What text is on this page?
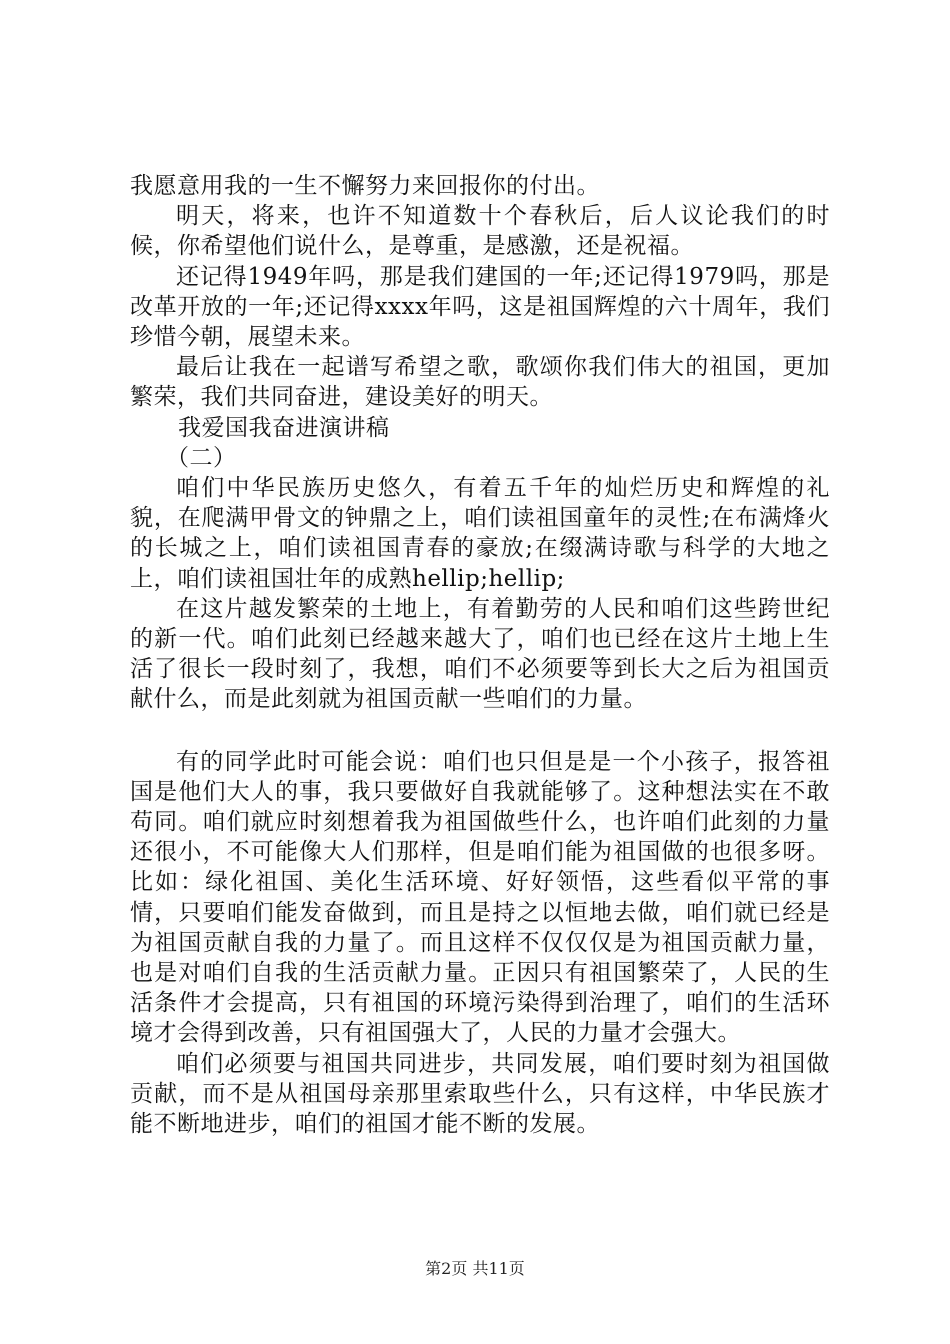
我愿意用我的一生不懈努力来回报你的付出。

明天，将来，也许不知道数十个春秋后，后人议论我们的时候，你希望他们说什么，是尊重，是感激，还是祝福。

还记得1949年吗，那是我们建国的一年;还记得1979吗，那是改革开放的一年;还记得xxxx年吗，这是祖国辉煌的六十周年，我们珍惜今朝，展望未来。

最后让我在一起谱写希望之歌，歌颂你我们伟大的祖国，更加繁荣，我们共同奋进，建设美好的明天。

我爱国我奋进演讲稿

（二）

咱们中华民族历史悠久，有着五千年的灿烂历史和辉煌的礼貌，在爬满甲骨文的钟鼎之上，咱们读祖国童年的灵性;在布满烽火的长城之上，咱们读祖国青春的豪放;在缀满诗歌与科学的大地之上，咱们读祖国壮年的成熟hellip;hellip;

在这片越发繁荣的土地上，有着勤劳的人民和咱们这些跨世纪的新一代。咱们此刻已经越来越大了，咱们也已经在这片土地上生活了很长一段时刻了，我想，咱们不必须要等到长大之后为祖国贡献什么，而是此刻就为祖国贡献一些咱们的力量。

有的同学此时可能会说：咱们也只但是是一个小孩子，报答祖国是他们大人的事，我只要做好自我就能够了。这种想法实在不敢苟同。咱们就应时刻想着我为祖国做些什么，也许咱们此刻的力量还很小，不可能像大人们那样，但是咱们能为祖国做的也很多呀。比如：绿化祖国、美化生活环境、好好领悟，这些看似平常的事情，只要咱们能发奋做到，而且是持之以恒地去做，咱们就已经是为祖国贡献自我的力量了。而且这样不仅仅仅是为祖国贡献力量，也是对咱们自我的生活贡献力量。正因只有祖国繁荣了，人民的生活条件才会提高，只有祖国的环境污染得到治理了，咱们的生活环境才会得到改善，只有祖国强大了，人民的力量才会强大。

咱们必须要与祖国共同进步，共同发展，咱们要时刻为祖国做贡献，而不是从祖国母亲那里索取些什么，只有这样，中华民族才能不断地进步，咱们的祖国才能不断的发展。

第2页 共11页
